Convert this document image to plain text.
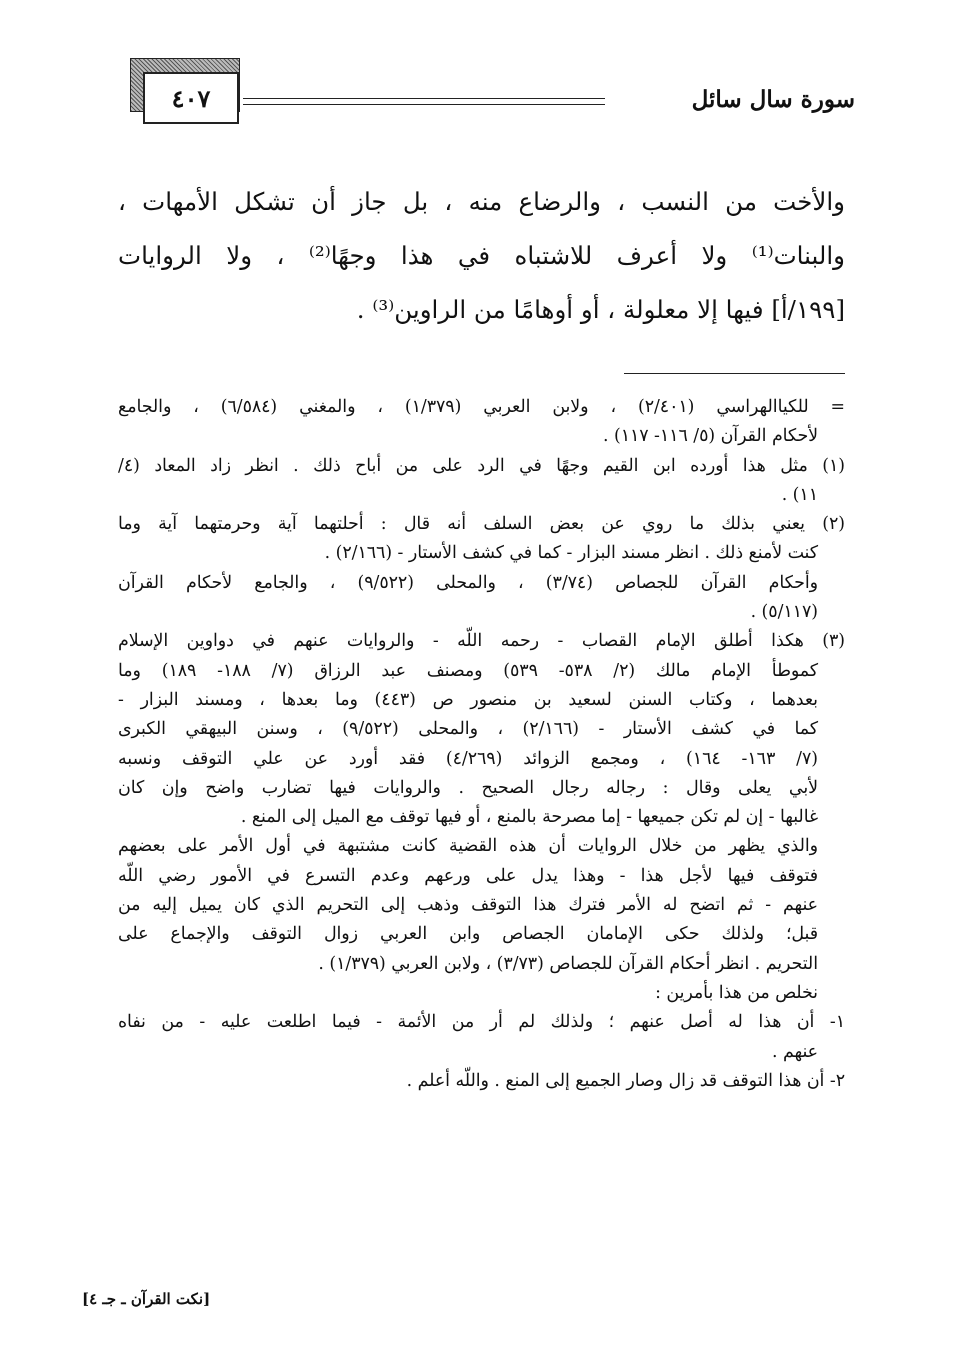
سورة سال سائل
٤٠٧
والأخت من النسب ، والرضاع منه ، بل جاز أن تشكل الأمهات ،
والبنات⁽¹⁾ ولا أعرف للاشتباه في هذا وجهًا⁽²⁾ ، ولا الروايات
[١٩٩/أ] فيها إلا معلولة ، أو أوهامًا من الراوين⁽³⁾ .
= للكياالهراسي (٢/٤٠١) ، ولابن العربي (١/٣٧٩) ، والمغني (٦/٥٨٤) ، والجامع
لأحكام القرآن (٥/ ١١٦- ١١٧) .
(١) مثل هذا أورده ابن القيم وجهًا في الرد على من أباح ذلك . انظر زاد المعاد (٤/
١١) .
(٢) يعني بذلك ما روي عن بعض السلف أنه قال : أحلتهما آية وحرمتهما آية وما
كنت لأمنع ذلك . انظر مسند البزار - كما في كشف الأستار - (٢/١٦٦) .
وأحكام القرآن للجصاص (٣/٧٤) ، والمحلى (٩/٥٢٢) ، والجامع لأحكام القرآن
(٥/١١٧) .
(٣) هكذا أطلق الإمام القصاب - رحمه اللّه - والروايات عنهم في دواوين الإسلام
كموطأ الإمام مالك (٢/ ٥٣٨- ٥٣٩) ومصنف عبد الرزاق (٧/ ١٨٨- ١٨٩) وما
بعدهما ، وكتاب السنن لسعيد بن منصور ص (٤٤٣) وما بعدها ، ومسند البزار -
كما في كشف الأستار - (٢/١٦٦) ، والمحلى (٩/٥٢٢) ، وسنن البيهقي الكبرى
(٧/ ١٦٣- ١٦٤) ، ومجمع الزوائد (٤/٢٦٩) فقد أورد عن علي التوقف ونسبه
لأبي يعلى وقال : رجاله رجال الصحيح . والروايات فيها تضارب واضح وإن كان
غالبها - إن لم تكن جميعها - إما مصرحة بالمنع ، أو فيها توقف مع الميل إلى المنع .
والذي يظهر من خلال الروايات أن هذه القضية كانت مشتبهة في أول الأمر على بعضهم
فتوقف فيها لأجل هذا - وهذا يدل على ورعهم وعدم التسرع في الأمور رضي اللّه
عنهم - ثم اتضح له الأمر فترك هذا التوقف وذهب إلى التحريم الذي كان يميل إليه من
قبل؛ ولذلك حكى الإمامان الجصاص وابن العربي زوال التوقف والإجماع على
التحريم . انظر أحكام القرآن للجصاص (٣/٧٣) ، ولابن العربي (١/٣٧٩) .
نخلص من هذا بأمرين :
١- أن هذا له أصل عنهم ؛ ولذلك لم أر من الأئمة - فيما اطلعت عليه - من نفاه
عنهم .
٢- أن هذا التوقف قد زال وصار الجميع إلى المنع . واللّه أعلم .
[نكت القرآن ـ جـ ٤]
